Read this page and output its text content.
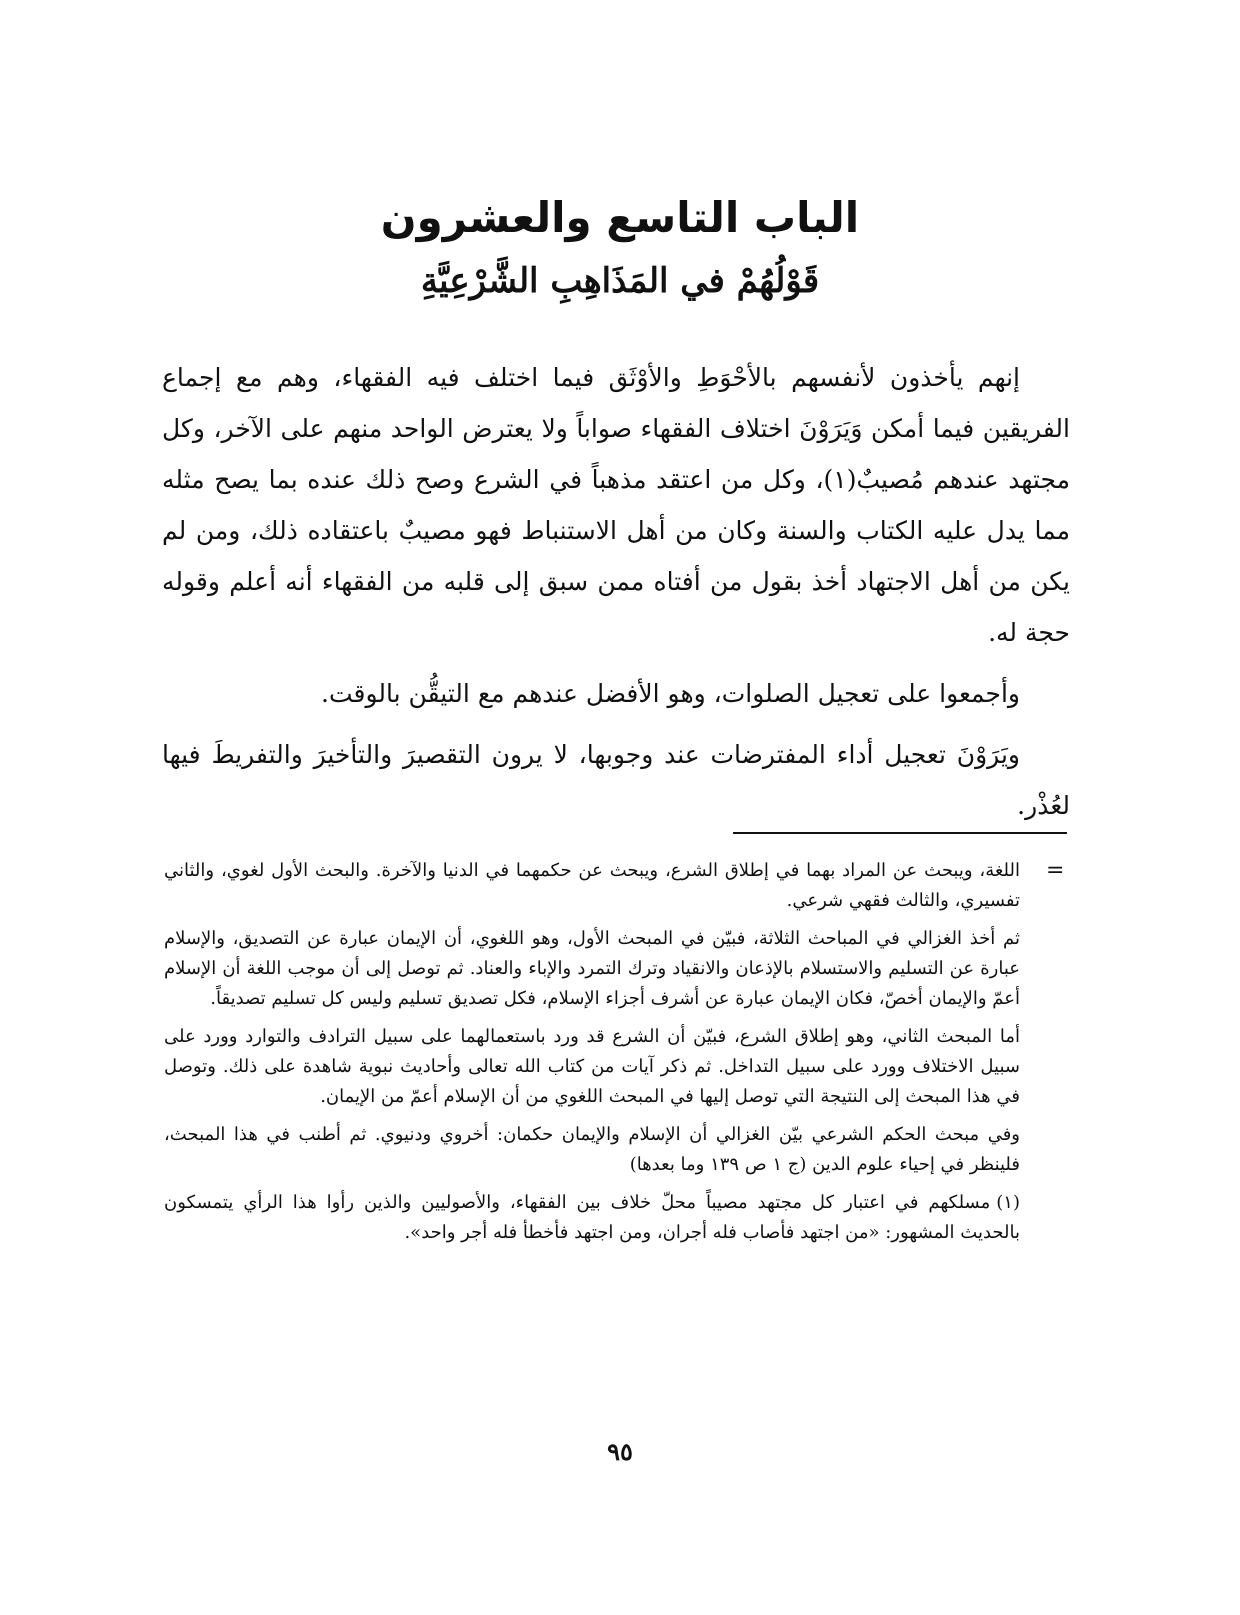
الباب التاسع والعشرون
قَوْلُهُمْ في المَذَاهِبِ الشَّرْعِيَّةِ

إنهم يأخذون لأنفسهم بالأحْوَطِ والأوْثَق فيما اختلف فيه الفقهاء، وهم مع إجماع الفريقين فيما أمكن وَيَرَوْنَ اختلاف الفقهاء صواباً ولا يعترض الواحد منهم على الآخر، وكل مجتهد عندهم مُصيبٌ(١)، وكل من اعتقد مذهباً في الشرع وصح ذلك عنده بما يصح مثله مما يدل عليه الكتاب والسنة وكان من أهل الاستنباط فهو مصيبٌ باعتقاده ذلك، ومن لم يكن من أهل الاجتهاد أخذ بقول من أفتاه ممن سبق إلى قلبه من الفقهاء أنه أعلم وقوله حجة له.

وأجمعوا على تعجيل الصلوات، وهو الأفضل عندهم مع التيقُّن بالوقت.

ويَرَوْنَ تعجيل أداء المفترضات عند وجوبها، لا يرون التقصيرَ والتأخيرَ والتفريطَ فيها لعُذْر.

=

اللغة، ويبحث عن المراد بهما في إطلاق الشرع، ويبحث عن حكمهما في الدنيا والآخرة. والبحث الأول لغوي، والثاني تفسيري، والثالث فقهي شرعي.

ثم أخذ الغزالي في المباحث الثلاثة، فبيّن في المبحث الأول، وهو اللغوي، أن الإيمان عبارة عن التصديق، والإسلام عبارة عن التسليم والاستسلام بالإذعان والانقياد وترك التمرد والإباء والعناد. ثم توصل إلى أن موجب اللغة أن الإسلام أعمّ والإيمان أخصّ، فكان الإيمان عبارة عن أشرف أجزاء الإسلام، فكل تصديق تسليم وليس كل تسليم تصديقاً.

أما المبحث الثاني، وهو إطلاق الشرع، فبيّن أن الشرع قد ورد باستعمالهما على سبيل الترادف والتوارد وورد على سبيل الاختلاف وورد على سبيل التداخل. ثم ذكر آيات من كتاب الله تعالى وأحاديث نبوية شاهدة على ذلك. وتوصل في هذا المبحث إلى النتيجة التي توصل إليها في المبحث اللغوي من أن الإسلام أعمّ من الإيمان.

وفي مبحث الحكم الشرعي بيّن الغزالي أن الإسلام والإيمان حكمان: أخروي ودنيوي. ثم أطنب في هذا المبحث، فلينظر في إحياء علوم الدين (ج ١ ص ١٣٩ وما بعدها)

(١)مسلكهم في اعتبار كل مجتهد مصيباً محلّ خلاف بين الفقهاء، والأصوليين والذين رأوا هذا الرأي يتمسكون بالحديث المشهور: «من اجتهد فأصاب فله أجران، ومن اجتهد فأخطأ فله أجر واحد».

٩٥
